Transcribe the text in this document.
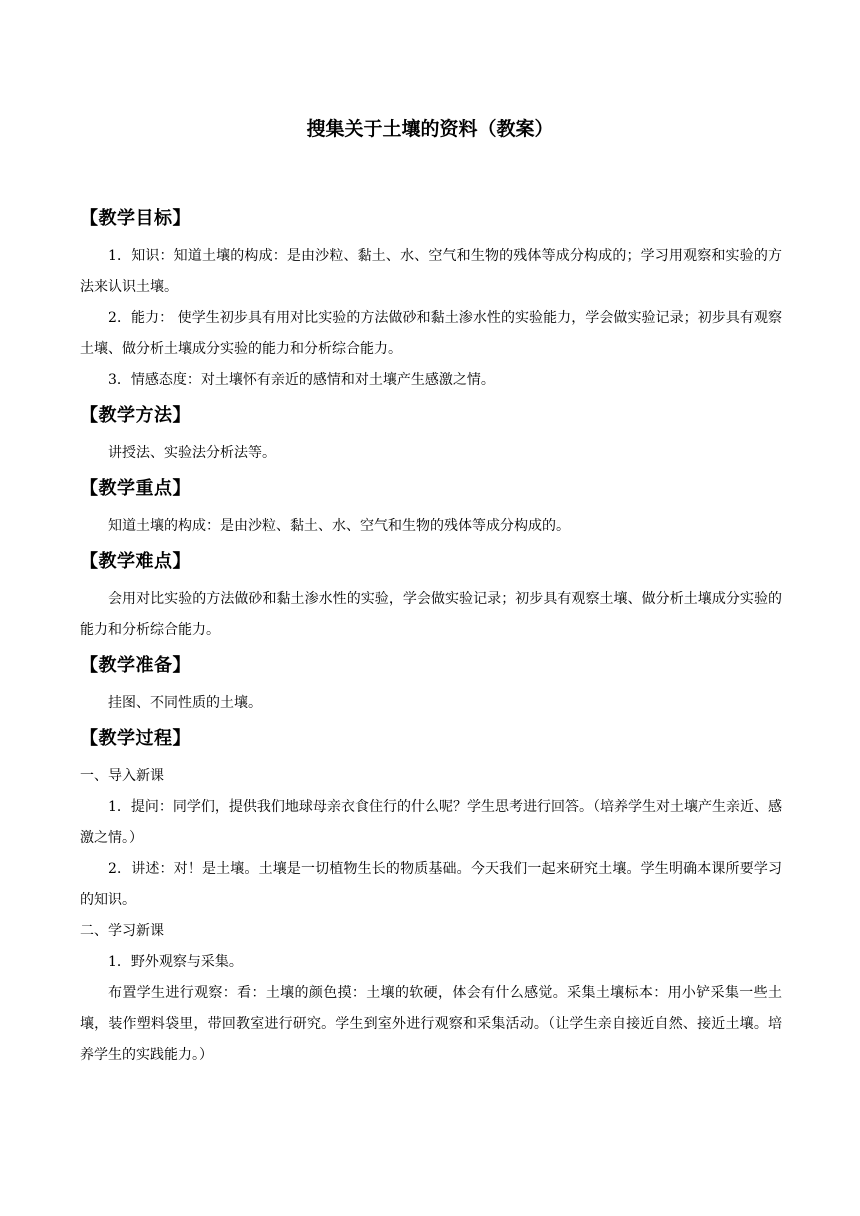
搜集关于土壤的资料（教案）

【教学目标】

1．知识：知道土壤的构成：是由沙粒、黏土、水、空气和生物的残体等成分构成的；学习用观察和实验的方法来认识土壤。

2．能力： 使学生初步具有用对比实验的方法做砂和黏土渗水性的实验能力，学会做实验记录；初步具有观察土壤、做分析土壤成分实验的能力和分析综合能力。

3．情感态度：对土壤怀有亲近的感情和对土壤产生感激之情。

【教学方法】

讲授法、实验法分析法等。

【教学重点】

知道土壤的构成：是由沙粒、黏土、水、空气和生物的残体等成分构成的。

【教学难点】

会用对比实验的方法做砂和黏土渗水性的实验，学会做实验记录；初步具有观察土壤、做分析土壤成分实验的能力和分析综合能力。

【教学准备】

挂图、不同性质的土壤。

【教学过程】

一、导入新课

1．提问：同学们，提供我们地球母亲衣食住行的什么呢？学生思考进行回答。（培养学生对土壤产生亲近、感激之情。）

2．讲述：对！是土壤。土壤是一切植物生长的物质基础。今天我们一起来研究土壤。学生明确本课所要学习的知识。

二、学习新课

1．野外观察与采集。

布置学生进行观察：看：土壤的颜色摸：土壤的软硬，体会有什么感觉。采集土壤标本：用小铲采集一些土壤，装作塑料袋里，带回教室进行研究。学生到室外进行观察和采集活动。（让学生亲自接近自然、接近土壤。培养学生的实践能力。）
